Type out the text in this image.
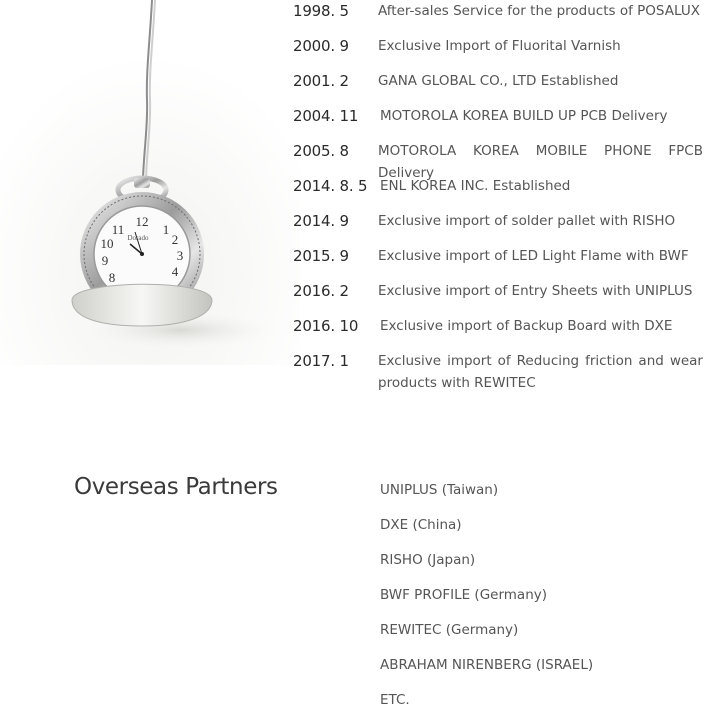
12
1
2
3
4
11
10
9
8
Dorado
1998. 5 After-sales Service for the products of POSALUX
2000. 9 Exclusive Import of Fluorital Varnish
2001. 2 GANA GLOBAL CO., LTD Established
2004. 11 MOTOROLA KOREA BUILD UP PCB Delivery
2005. 8 MOTOROLA KOREA MOBILE PHONE FPCB Delivery
2014. 8. 5 ENL KOREA INC. Established
2014. 9 Exclusive import of solder pallet with RISHO
2015. 9 Exclusive import of LED Light Flame with BWF
2016. 2 Exclusive import of Entry Sheets with UNIPLUS
2016. 10 Exclusive import of Backup Board with DXE
2017. 1 Exclusive import of Reducing friction and wear products with REWITEC
Overseas Partners	UNIPLUS (Taiwan)
DXE (China)
RISHO (Japan)
BWF PROFILE (Germany)
REWITEC (Germany)
ABRAHAM NIRENBERG (ISRAEL)
ETC.
